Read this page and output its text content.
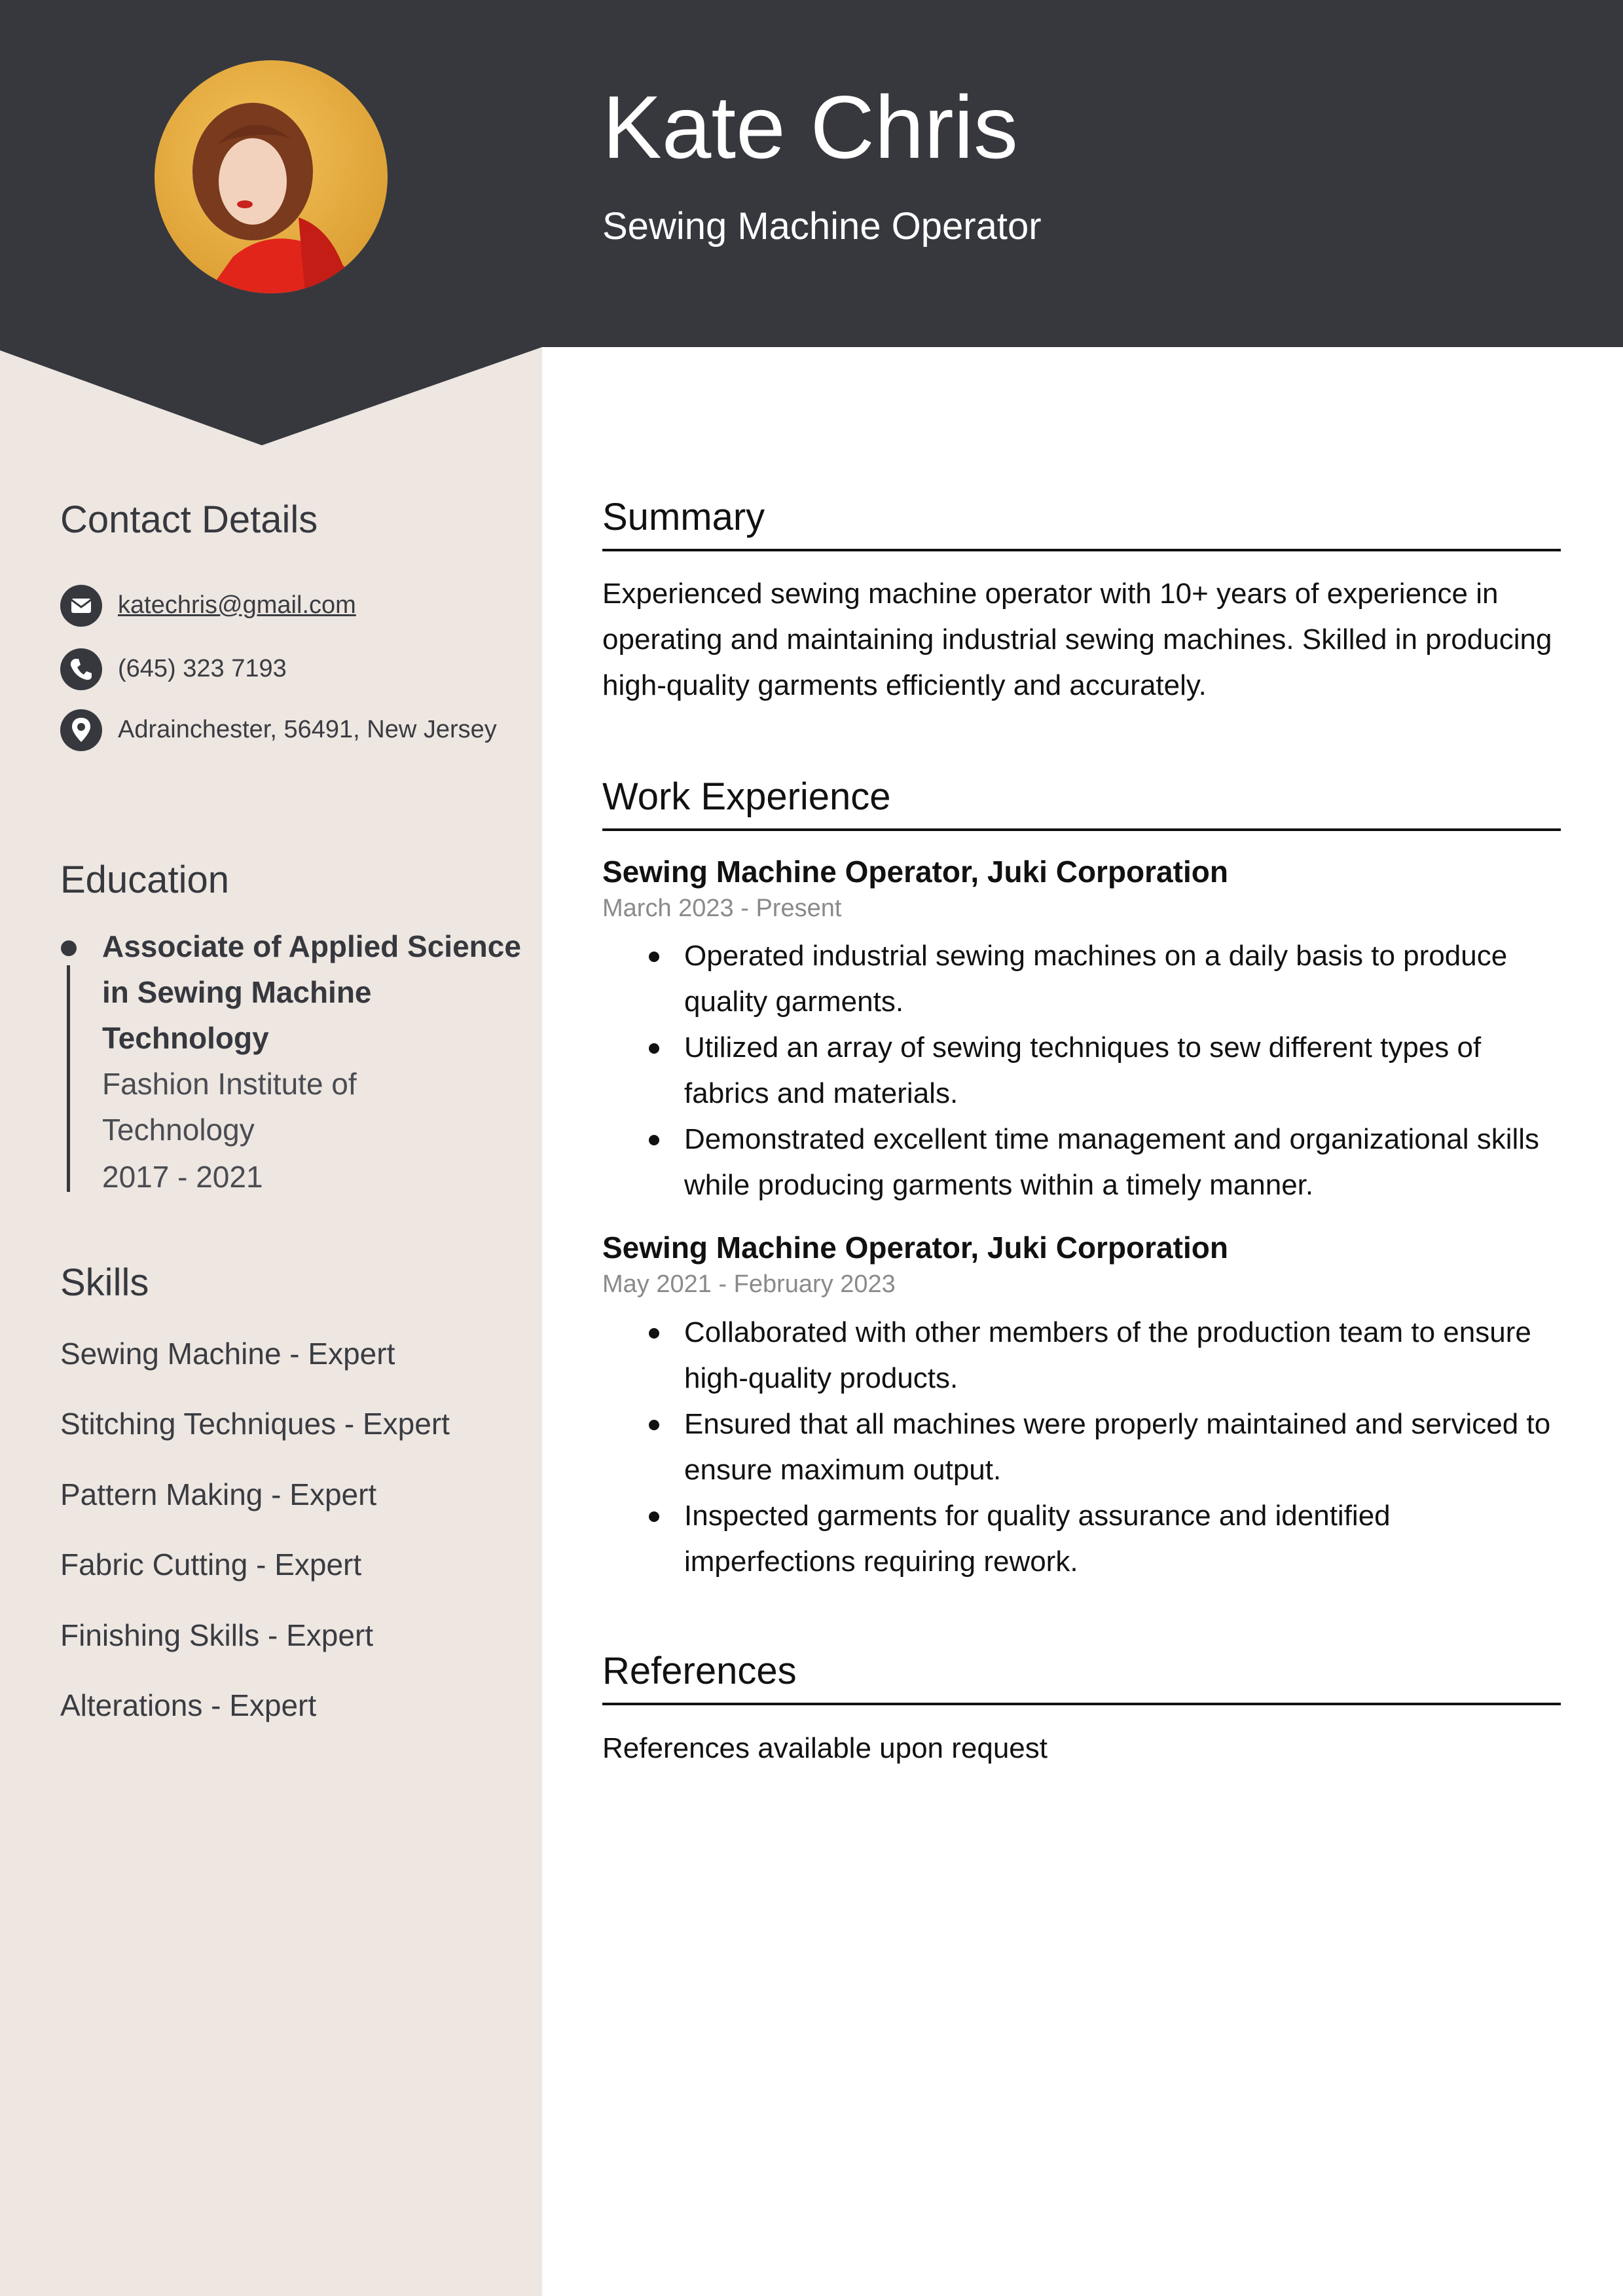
Kate Chris
Sewing Machine Operator
Contact Details
katechris@gmail.com
(645) 323 7193
Adrainchester, 56491, New Jersey
Education
Associate of Applied Science in Sewing Machine Technology
Fashion Institute of Technology
2017 - 2021
Skills
Sewing Machine - Expert
Stitching Techniques - Expert
Pattern Making - Expert
Fabric Cutting - Expert
Finishing Skills - Expert
Alterations - Expert
Summary
Experienced sewing machine operator with 10+ years of experience in operating and maintaining industrial sewing machines. Skilled in producing high-quality garments efficiently and accurately.
Work Experience
Sewing Machine Operator, Juki Corporation
March 2023 - Present
Operated industrial sewing machines on a daily basis to produce quality garments.
Utilized an array of sewing techniques to sew different types of fabrics and materials.
Demonstrated excellent time management and organizational skills while producing garments within a timely manner.
Sewing Machine Operator, Juki Corporation
May 2021 - February 2023
Collaborated with other members of the production team to ensure high-quality products.
Ensured that all machines were properly maintained and serviced to ensure maximum output.
Inspected garments for quality assurance and identified imperfections requiring rework.
References
References available upon request
